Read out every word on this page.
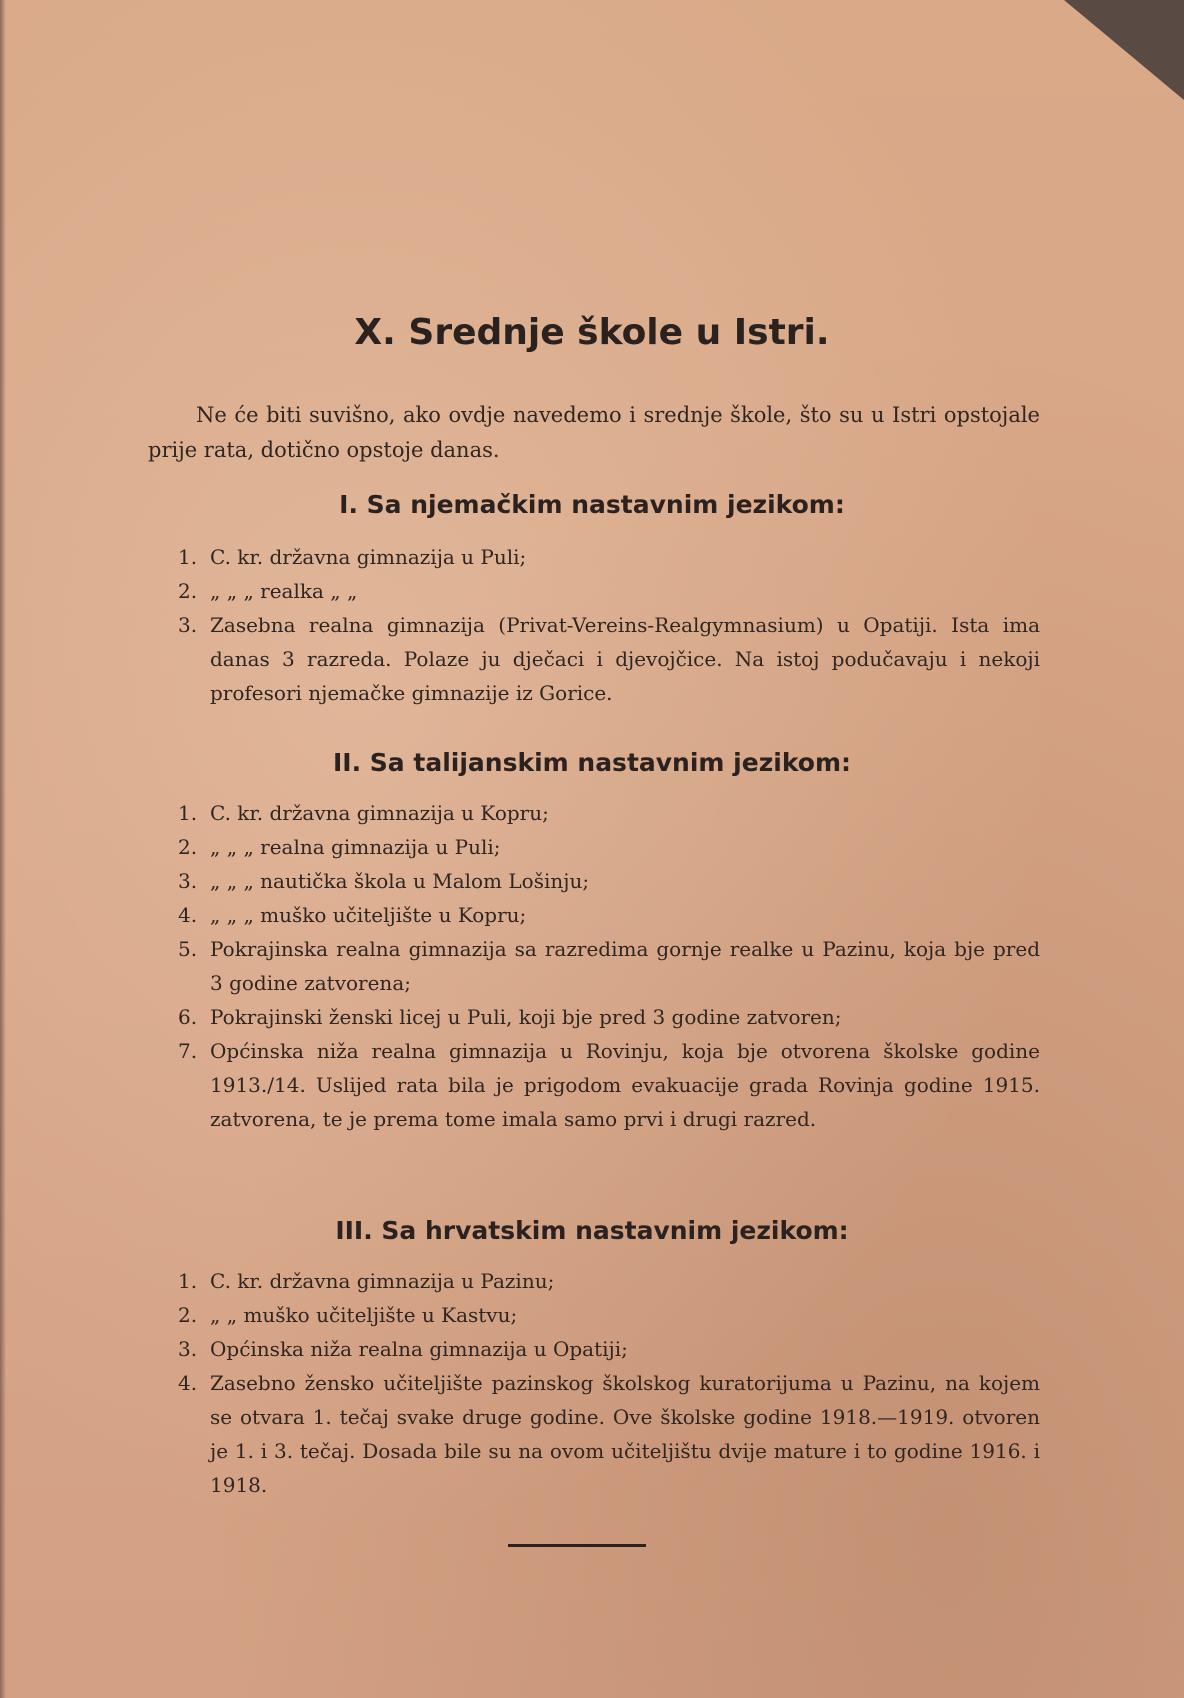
X. Srednje škole u Istri.

Ne će biti suvišno, ako ovdje navedemo i srednje škole, što su u Istri opstojale prije rata, dotično opstoje danas.

I. Sa njemačkim nastavnim jezikom:
1. C. kr. državna gimnazija u Puli;
2. „ „ „ realka „ „
3. Zasebna realna gimnazija (Privat-Vereins-Realgymnasium) u Opatiji. Ista ima danas 3 razreda. Polaze ju dječaci i djevojčice. Na istoj podučavaju i nekoji profesori njemačke gimnazije iz Gorice.
II. Sa talijanskim nastavnim jezikom:
1. C. kr. državna gimnazija u Kopru;
2. „ „ „ realna gimnazija u Puli;
3. „ „ „ nautička škola u Malom Lošinju;
4. „ „ „ muško učiteljište u Kopru;
5. Pokrajinska realna gimnazija sa razredima gornje realke u Pazinu, koja bje pred 3 godine zatvorena;
6. Pokrajinski ženski licej u Puli, koji bje pred 3 godine zatvoren;
7. Općinska niža realna gimnazija u Rovinju, koja bje otvorena školske godine 1913./14. Uslijed rata bila je prigodom evakuacije grada Rovinja godine 1915. zatvorena, te je prema tome imala samo prvi i drugi razred.
III. Sa hrvatskim nastavnim jezikom:
1. C. kr. državna gimnazija u Pazinu;
2. „ „ muško učiteljište u Kastvu;
3. Općinska niža realna gimnazija u Opatiji;
4. Zasebno žensko učiteljište pazinskog školskog kuratorijuma u Pazinu, na kojem se otvara 1. tečaj svake druge godine. Ove školske godine 1918.—1919. otvoren je 1. i 3. tečaj. Dosada bile su na ovom učiteljištu dvije mature i to godine 1916. i 1918.
